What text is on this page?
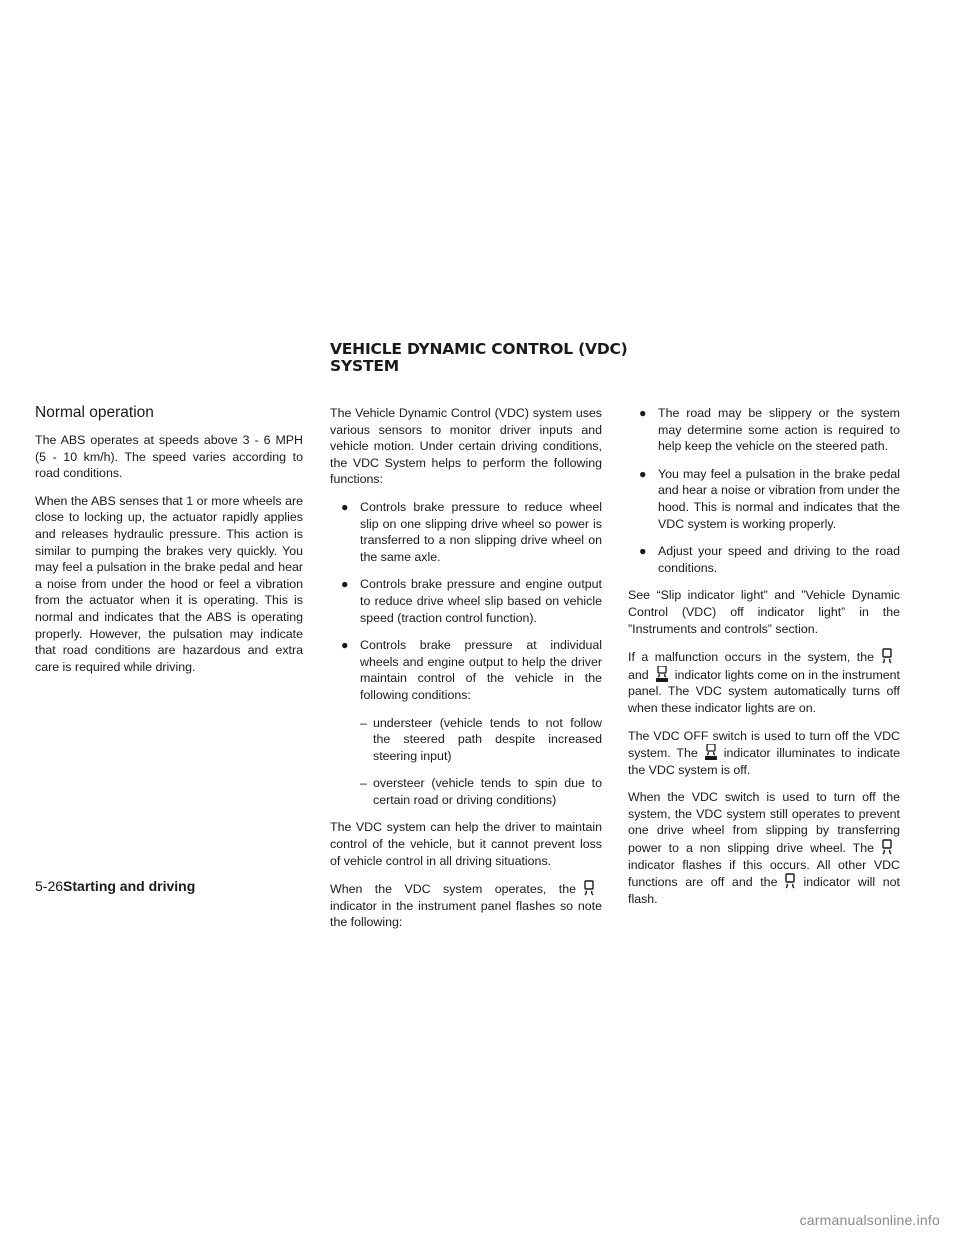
VEHICLE DYNAMIC CONTROL (VDC) SYSTEM
Normal operation

The ABS operates at speeds above 3 - 6 MPH (5 - 10 km/h). The speed varies according to road conditions.

When the ABS senses that 1 or more wheels are close to locking up, the actuator rapidly applies and releases hydraulic pressure. This action is similar to pumping the brakes very quickly. You may feel a pulsation in the brake pedal and hear a noise from under the hood or feel a vibration from the actuator when it is operating. This is normal and indicates that the ABS is operating properly. However, the pulsation may indicate that road conditions are hazardous and extra care is required while driving.

The Vehicle Dynamic Control (VDC) system uses various sensors to monitor driver inputs and vehicle motion. Under certain driving conditions, the VDC System helps to perform the following functions:

● Controls brake pressure to reduce wheel slip on one slipping drive wheel so power is transferred to a non slipping drive wheel on the same axle.
● Controls brake pressure and engine output to reduce drive wheel slip based on vehicle speed (traction control function).
● Controls brake pressure at individual wheels and engine output to help the driver maintain control of the vehicle in the following conditions:
– understeer (vehicle tends to not follow the steered path despite increased steering input)
– oversteer (vehicle tends to spin due to certain road or driving conditions)

The VDC system can help the driver to maintain control of the vehicle, but it cannot prevent loss of vehicle control in all driving situations.

When the VDC system operates, theindicator in the instrument panel flashes so note the following:

● The road may be slippery or the system may determine some action is required to help keep the vehicle on the steered path.
● You may feel a pulsation in the brake pedal and hear a noise or vibration from under the hood. This is normal and indicates that the VDC system is working properly.
● Adjust your speed and driving to the road conditions.

See “Slip indicator light” and ”Vehicle Dynamic Control (VDC) off indicator light” in the ”Instruments and controls” section.

If a malfunction occurs in the system, the and indicator lights come on in the instrument panel. The VDC system automatically turns off when these indicator lights are on.

The VDC OFF switch is used to turn off the VDC system. The indicator illuminates to indicate the VDC system is off.

When the VDC switch is used to turn off the system, the VDC system still operates to prevent one drive wheel from slipping by transferring power to a non slipping drive wheel. The indicator flashes if this occurs. All other VDC functions are off and the indicator will not flash.

5-26Starting and driving
carmanualsonline.info
